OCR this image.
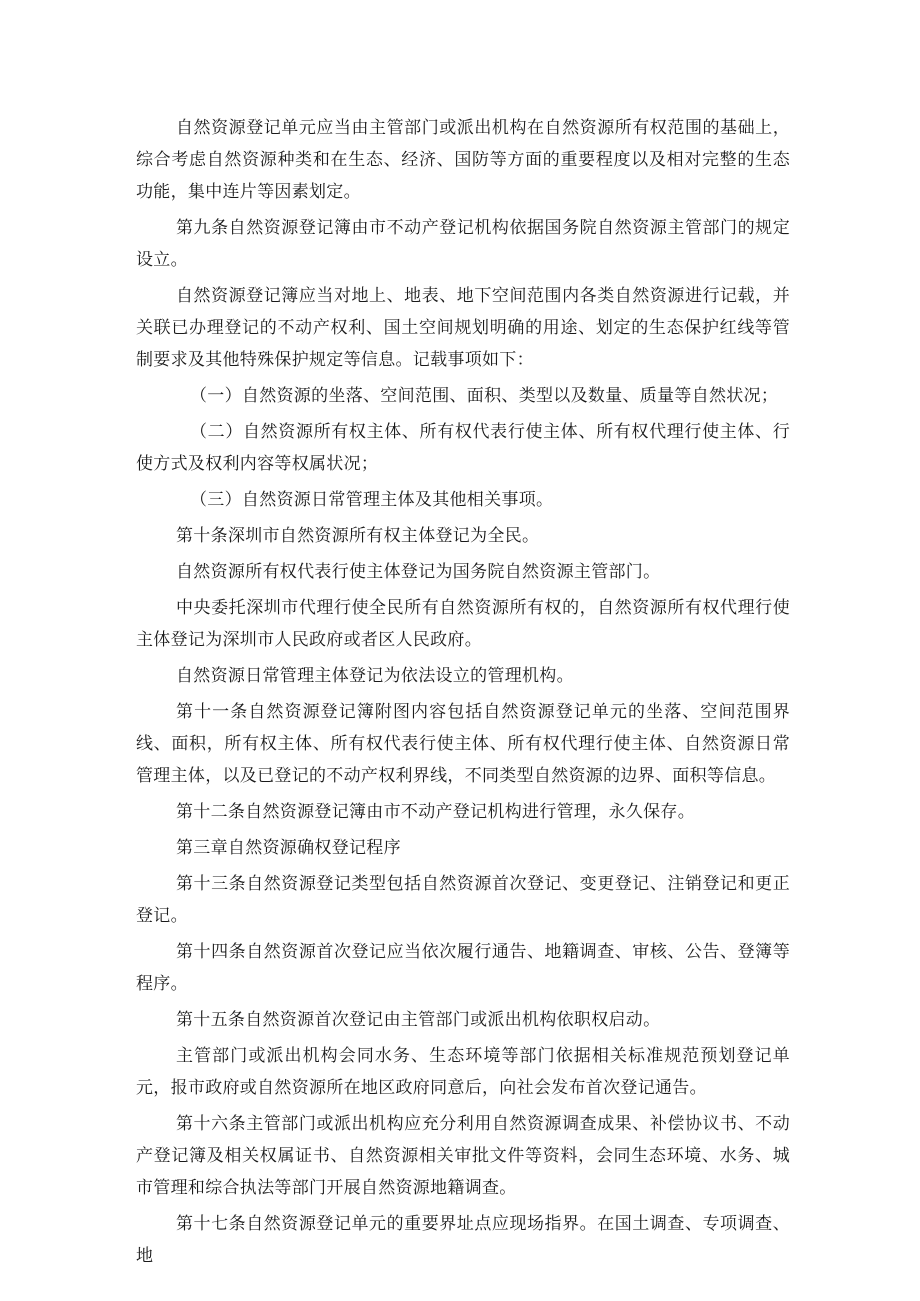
自然资源登记单元应当由主管部门或派出机构在自然资源所有权范围的基础上，综合考虑自然资源种类和在生态、经济、国防等方面的重要程度以及相对完整的生态功能，集中连片等因素划定。

第九条自然资源登记簿由市不动产登记机构依据国务院自然资源主管部门的规定设立。

自然资源登记簿应当对地上、地表、地下空间范围内各类自然资源进行记载，并关联已办理登记的不动产权利、国土空间规划明确的用途、划定的生态保护红线等管制要求及其他特殊保护规定等信息。记载事项如下：

（一）自然资源的坐落、空间范围、面积、类型以及数量、质量等自然状况；

（二）自然资源所有权主体、所有权代表行使主体、所有权代理行使主体、行使方式及权利内容等权属状况；

（三）自然资源日常管理主体及其他相关事项。

第十条深圳市自然资源所有权主体登记为全民。

自然资源所有权代表行使主体登记为国务院自然资源主管部门。

中央委托深圳市代理行使全民所有自然资源所有权的，自然资源所有权代理行使主体登记为深圳市人民政府或者区人民政府。

自然资源日常管理主体登记为依法设立的管理机构。

第十一条自然资源登记簿附图内容包括自然资源登记单元的坐落、空间范围界线、面积，所有权主体、所有权代表行使主体、所有权代理行使主体、自然资源日常管理主体，以及已登记的不动产权利界线，不同类型自然资源的边界、面积等信息。

第十二条自然资源登记簿由市不动产登记机构进行管理，永久保存。

第三章自然资源确权登记程序

第十三条自然资源登记类型包括自然资源首次登记、变更登记、注销登记和更正登记。

第十四条自然资源首次登记应当依次履行通告、地籍调查、审核、公告、登簿等程序。

第十五条自然资源首次登记由主管部门或派出机构依职权启动。

主管部门或派出机构会同水务、生态环境等部门依据相关标准规范预划登记单元，报市政府或自然资源所在地区政府同意后，向社会发布首次登记通告。

第十六条主管部门或派出机构应充分利用自然资源调查成果、补偿协议书、不动产登记簿及相关权属证书、自然资源相关审批文件等资料，会同生态环境、水务、城市管理和综合执法等部门开展自然资源地籍调查。

第十七条自然资源登记单元的重要界址点应现场指界。在国土调查、专项调查、地
